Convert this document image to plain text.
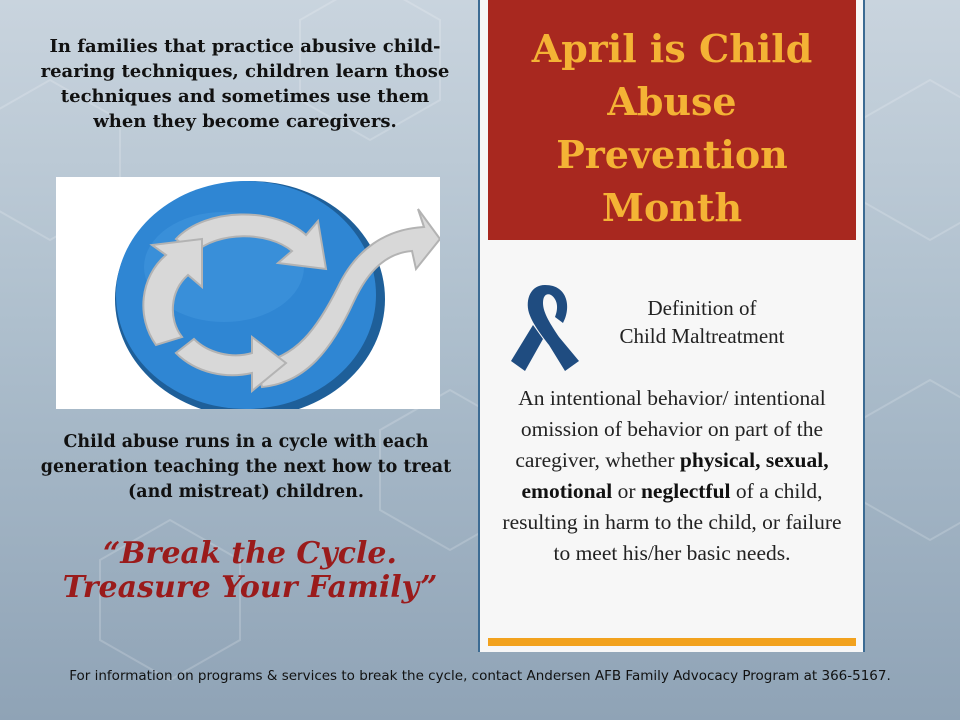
In families that practice abusive child-rearing techniques, children learn those techniques and sometimes use them when they become caregivers.
Child abuse runs in a cycle with each generation teaching the next how to treat (and mistreat) children.
“Break the Cycle.
Treasure Your Family”
April is Child
Abuse
Prevention
Month
Definition of
Child Maltreatment
An intentional behavior/ intentional omission of behavior on part of the caregiver, whether physical, sexual, emotional or neglectful of a child, resulting in harm to the child, or failure to meet his/her basic needs.
For information on programs & services to break the cycle, contact Andersen AFB Family Advocacy Program at 366-5167.
